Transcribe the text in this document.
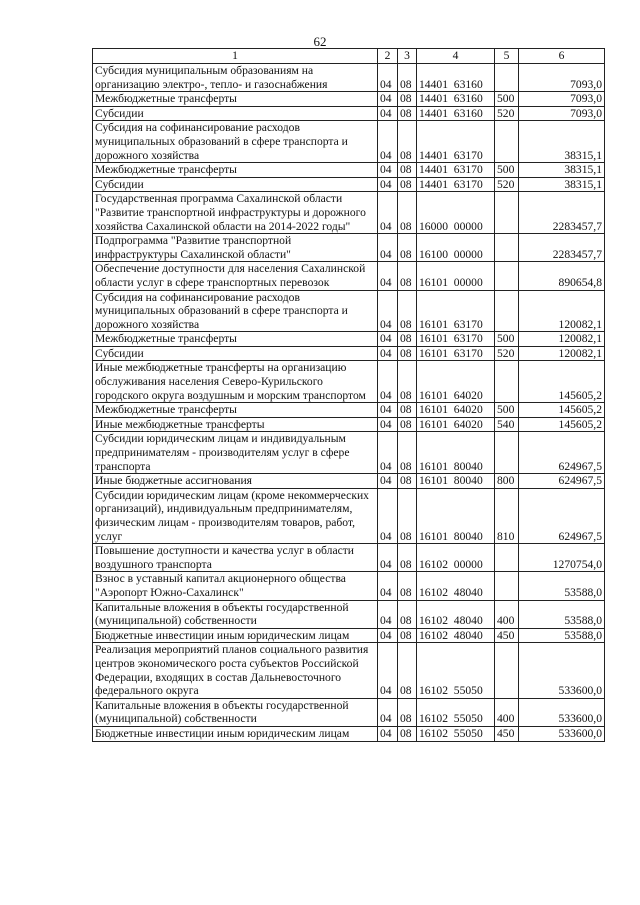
62
1	2	3	4	5	6
Субсидия муниципальным образованиям на организацию электро-, тепло- и газоснабжения	04	08	14401  63160		7093,0
Межбюджетные трансферты	04	08	14401  63160	500	7093,0
Субсидии	04	08	14401  63160	520	7093,0
Субсидия на софинансирование расходов муниципальных образований в сфере транспорта и дорожного хозяйства	04	08	14401  63170		38315,1
Межбюджетные трансферты	04	08	14401  63170	500	38315,1
Субсидии	04	08	14401  63170	520	38315,1
Государственная программа Сахалинской области "Развитие транспортной инфраструктуры и дорожного хозяйства Сахалинской области на 2014-2022 годы"	04	08	16000  00000		2283457,7
Подпрограмма "Развитие транспортной инфраструктуры Сахалинской области"	04	08	16100  00000		2283457,7
Обеспечение доступности для населения Сахалинской области услуг в сфере транспортных перевозок	04	08	16101  00000		890654,8
Субсидия на софинансирование расходов муниципальных образований в сфере транспорта и дорожного хозяйства	04	08	16101  63170		120082,1
Межбюджетные трансферты	04	08	16101  63170	500	120082,1
Субсидии	04	08	16101  63170	520	120082,1
Иные межбюджетные трансферты на организацию обслуживания населения Северо-Курильского городского округа воздушным и морским транспортом	04	08	16101  64020		145605,2
Межбюджетные трансферты	04	08	16101  64020	500	145605,2
Иные межбюджетные трансферты	04	08	16101  64020	540	145605,2
Субсидии юридическим лицам и индивидуальным предпринимателям - производителям услуг в сфере транспорта	04	08	16101  80040		624967,5
Иные бюджетные ассигнования	04	08	16101  80040	800	624967,5
Субсидии юридическим лицам (кроме некоммерческих организаций), индивидуальным предпринимателям, физическим лицам - производителям товаров, работ, услуг	04	08	16101  80040	810	624967,5
Повышение доступности и качества услуг в области воздушного транспорта	04	08	16102  00000		1270754,0
Взнос в уставный капитал акционерного общества "Аэропорт Южно-Сахалинск"	04	08	16102  48040		53588,0
Капитальные вложения в объекты государственной (муниципальной) собственности	04	08	16102  48040	400	53588,0
Бюджетные инвестиции иным юридическим лицам	04	08	16102  48040	450	53588,0
Реализация мероприятий планов социального развития центров экономического роста субъектов Российской Федерации, входящих в состав Дальневосточного федерального округа	04	08	16102  55050		533600,0
Капитальные вложения в объекты государственной (муниципальной) собственности	04	08	16102  55050	400	533600,0
Бюджетные инвестиции иным юридическим лицам	04	08	16102  55050	450	533600,0
